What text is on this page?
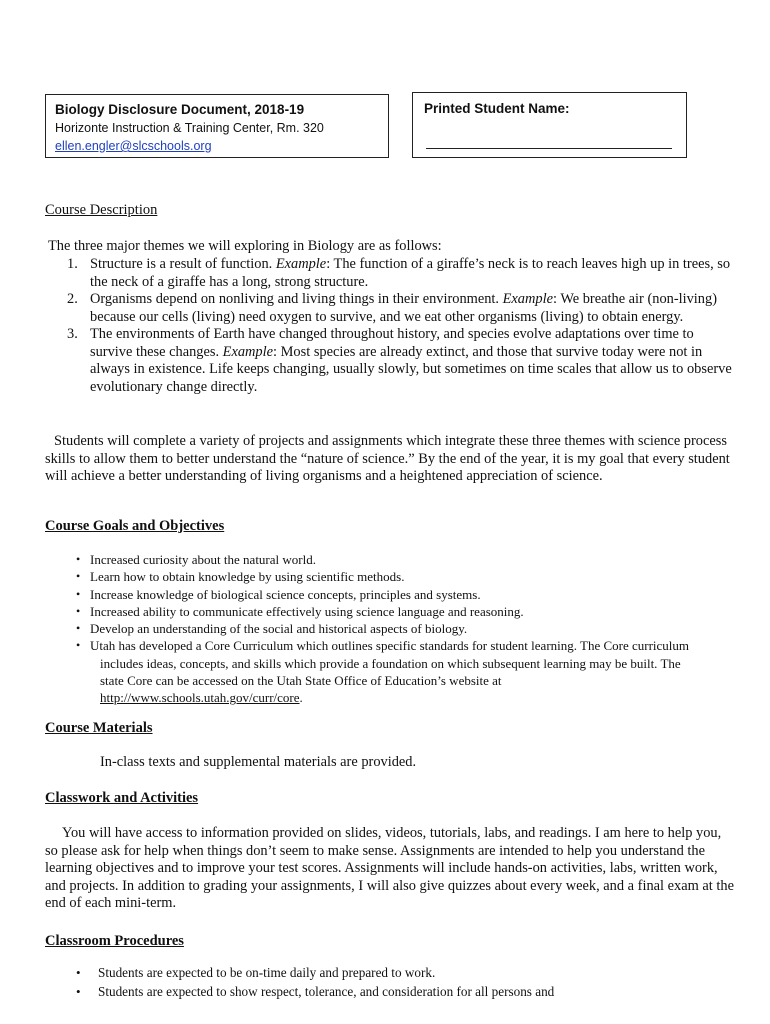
Biology Disclosure Document, 2018-19
Horizonte Instruction & Training Center, Rm. 320
ellen.engler@slcschools.org
Printed Student Name:
Course Description
The three major themes we will exploring in Biology are as follows:
1. Structure is a result of function. Example: The function of a giraffe’s neck is to reach leaves high up in trees, so the neck of a giraffe has a long, strong structure.
2. Organisms depend on nonliving and living things in their environment. Example: We breathe air (non-living) because our cells (living) need oxygen to survive, and we eat other organisms (living) to obtain energy.
3. The environments of Earth have changed throughout history, and species evolve adaptations over time to survive these changes. Example: Most species are already extinct, and those that survive today were not in always in existence. Life keeps changing, usually slowly, but sometimes on time scales that allow us to observe evolutionary change directly.
Students will complete a variety of projects and assignments which integrate these three themes with science process skills to allow them to better understand the “nature of science.” By the end of the year, it is my goal that every student will achieve a better understanding of living organisms and a heightened appreciation of science.
Course Goals and Objectives
• Increased curiosity about the natural world.
• Learn how to obtain knowledge by using scientific methods.
• Increase knowledge of biological science concepts, principles and systems.
• Increased ability to communicate effectively using science language and reasoning.
• Develop an understanding of the social and historical aspects of biology.
• Utah has developed a Core Curriculum which outlines specific standards for student learning. The Core curriculum includes ideas, concepts, and skills which provide a foundation on which subsequent learning may be built. The state Core can be accessed on the Utah State Office of Education’s website at http://www.schools.utah.gov/curr/core.
Course Materials
In-class texts and supplemental materials are provided.
Classwork and Activities
You will have access to information provided on slides, videos, tutorials, labs, and readings. I am here to help you, so please ask for help when things don’t seem to make sense. Assignments are intended to help you understand the learning objectives and to improve your test scores. Assignments will include hands-on activities, labs, written work, and projects. In addition to grading your assignments, I will also give quizzes about every week, and a final exam at the end of each mini-term.
Classroom Procedures
• Students are expected to be on-time daily and prepared to work.
• Students are expected to show respect, tolerance, and consideration for all persons and
